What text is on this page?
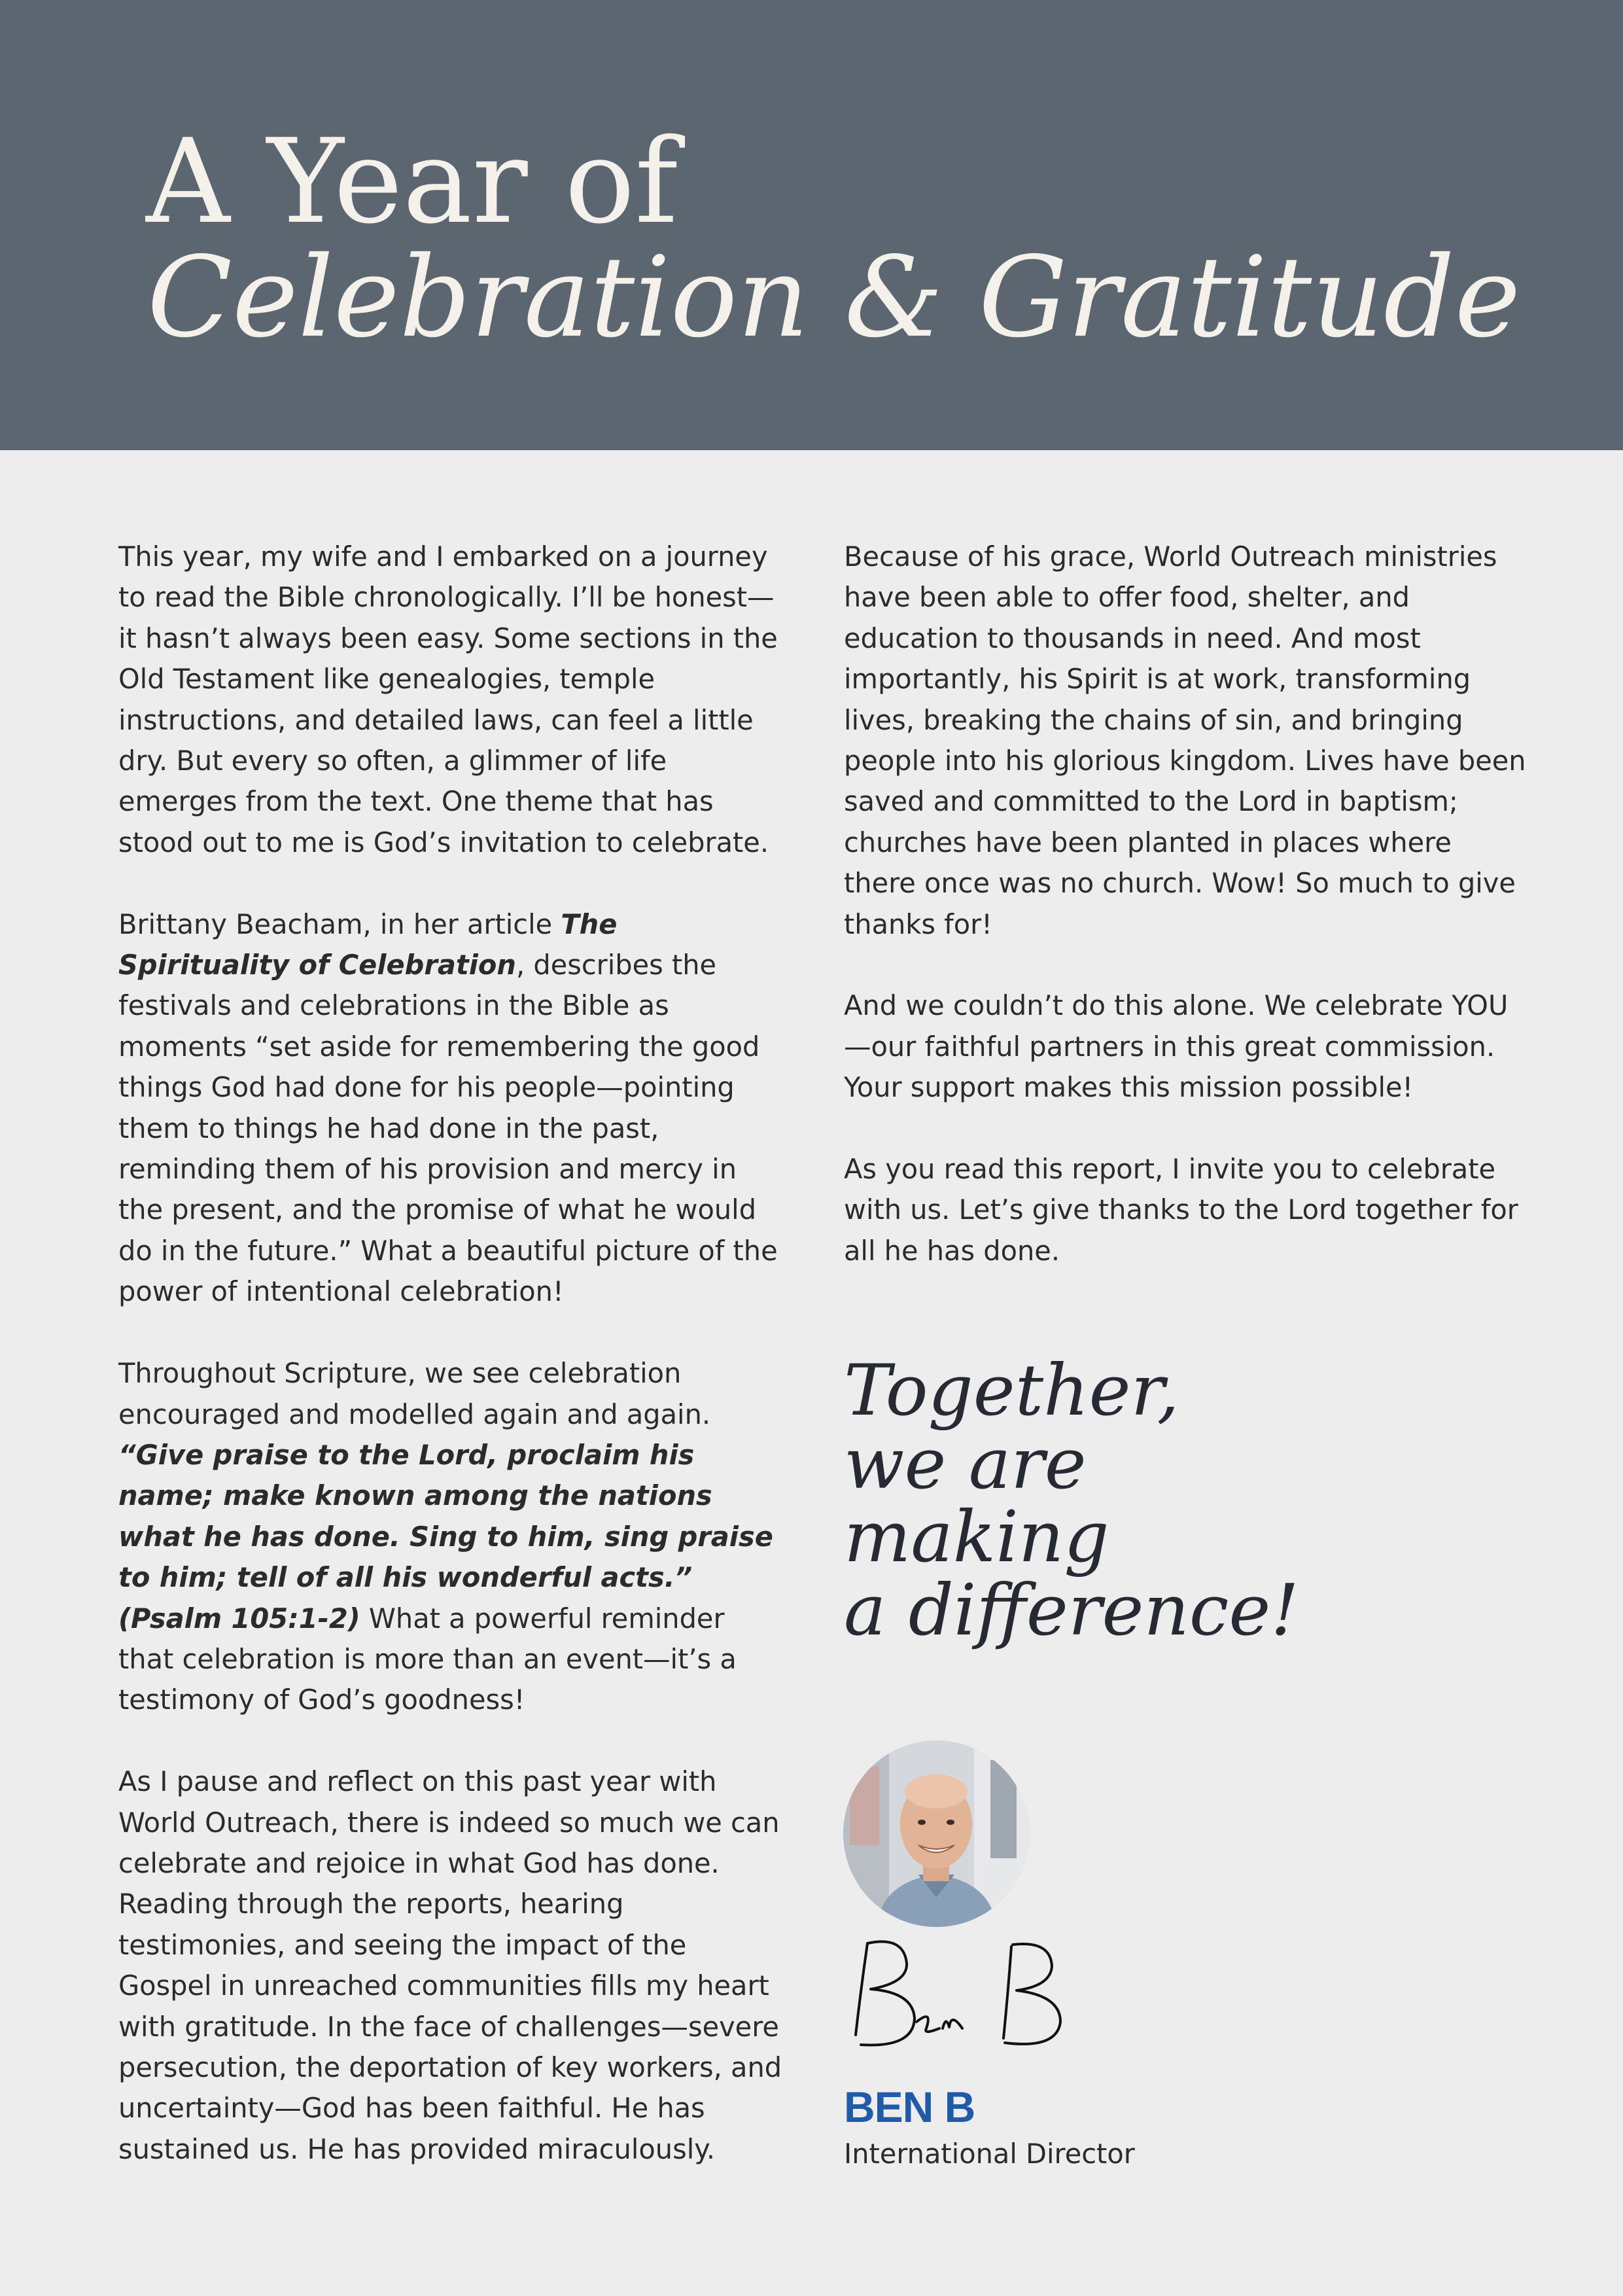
A Year of
Celebration & Gratitude

This year, my wife and I embarked on a journey to read the Bible chronologically. I’ll be honest—it hasn’t always been easy. Some sections in the Old Testament like genealogies, temple instructions, and detailed laws, can feel a little dry. But every so often, a glimmer of life emerges from the text. One theme that has stood out to me is God’s invitation to celebrate.

Brittany Beacham, in her article The Spirituality of Celebration, describes the festivals and celebrations in the Bible as moments “set aside for remembering the good things God had done for his people—pointing them to things he had done in the past, reminding them of his provision and mercy in the present, and the promise of what he would do in the future.” What a beautiful picture of the power of intentional celebration!

Throughout Scripture, we see celebration encouraged and modelled again and again. “Give praise to the Lord, proclaim his name; make known among the nations what he has done. Sing to him, sing praise to him; tell of all his wonderful acts.” (Psalm 105:1-2) What a powerful reminder that celebration is more than an event—it’s a testimony of God’s goodness!

As I pause and reflect on this past year with World Outreach, there is indeed so much we can celebrate and rejoice in what God has done. Reading through the reports, hearing testimonies, and seeing the impact of the Gospel in unreached communities fills my heart with gratitude. In the face of challenges—severe persecution, the deportation of key workers, and uncertainty—God has been faithful. He has sustained us. He has provided miraculously.

Because of his grace, World Outreach ministries have been able to offer food, shelter, and education to thousands in need. And most importantly, his Spirit is at work, transforming lives, breaking the chains of sin, and bringing people into his glorious kingdom. Lives have been saved and committed to the Lord in baptism; churches have been planted in places where there once was no church. Wow! So much to give thanks for!

And we couldn’t do this alone. We celebrate YOU—our faithful partners in this great commission. Your support makes this mission possible!

As you read this report, I invite you to celebrate with us. Let’s give thanks to the Lord together for all he has done.

Together,
we are
making
a difference!
BEN B
International Director
